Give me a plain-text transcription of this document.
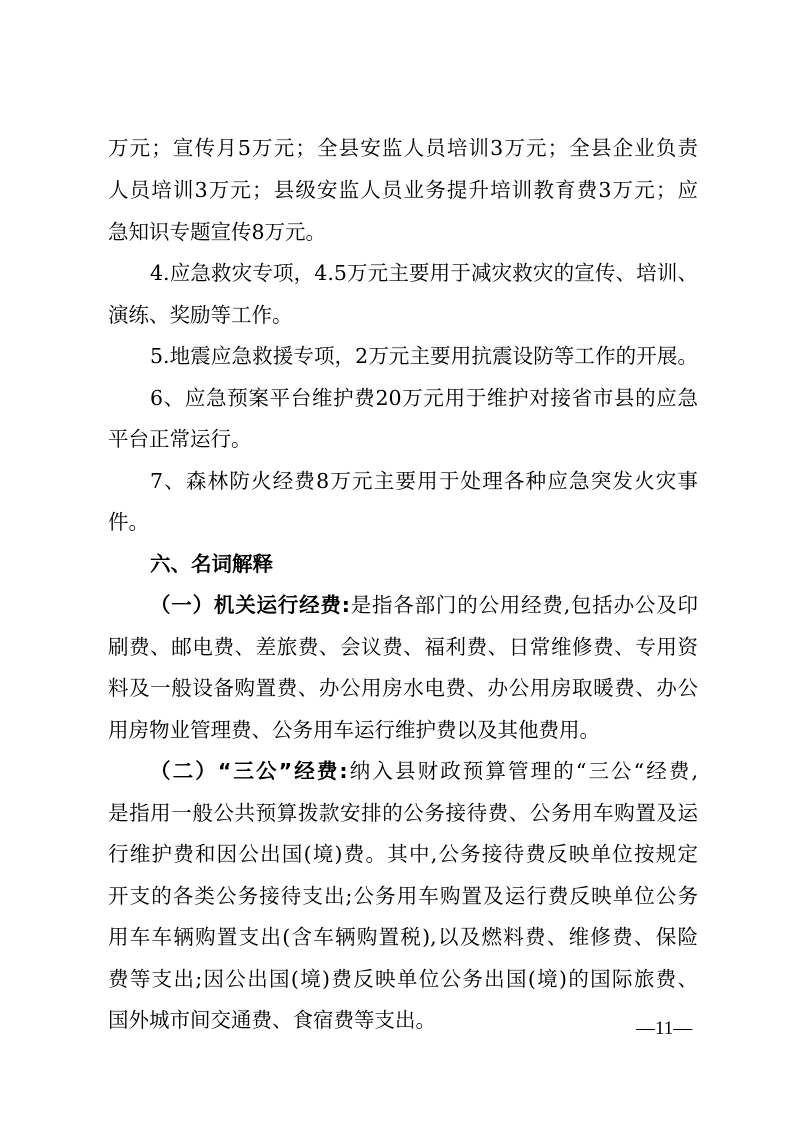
万元；宣传月5万元；全县安监人员培训3万元；全县企业负责
人员培训3万元；县级安监人员业务提升培训教育费3万元；应
急知识专题宣传8万元。
4.应急救灾专项，4.5万元主要用于减灾救灾的宣传、培训、
演练、奖励等工作。
5.地震应急救援专项，2万元主要用抗震设防等工作的开展。
6、应急预案平台维护费20万元用于维护对接省市县的应急
平台正常运行。
7、森林防火经费8万元主要用于处理各种应急突发火灾事
件。
六、名词解释
（一）机关运行经费:是指各部门的公用经费,包括办公及印
刷费、邮电费、差旅费、会议费、福利费、日常维修费、专用资
料及一般设备购置费、办公用房水电费、办公用房取暖费、办公
用房物业管理费、公务用车运行维护费以及其他费用。
（二）“三公”经费:纳入县财政预算管理的“三公“经费,
是指用一般公共预算拨款安排的公务接待费、公务用车购置及运
行维护费和因公出国(境)费。其中,公务接待费反映单位按规定
开支的各类公务接待支出;公务用车购置及运行费反映单位公务
用车车辆购置支出(含车辆购置税),以及燃料费、维修费、保险
费等支出;因公出国(境)费反映单位公务出国(境)的国际旅费、
国外城市间交通费、食宿费等支出。	—11—
